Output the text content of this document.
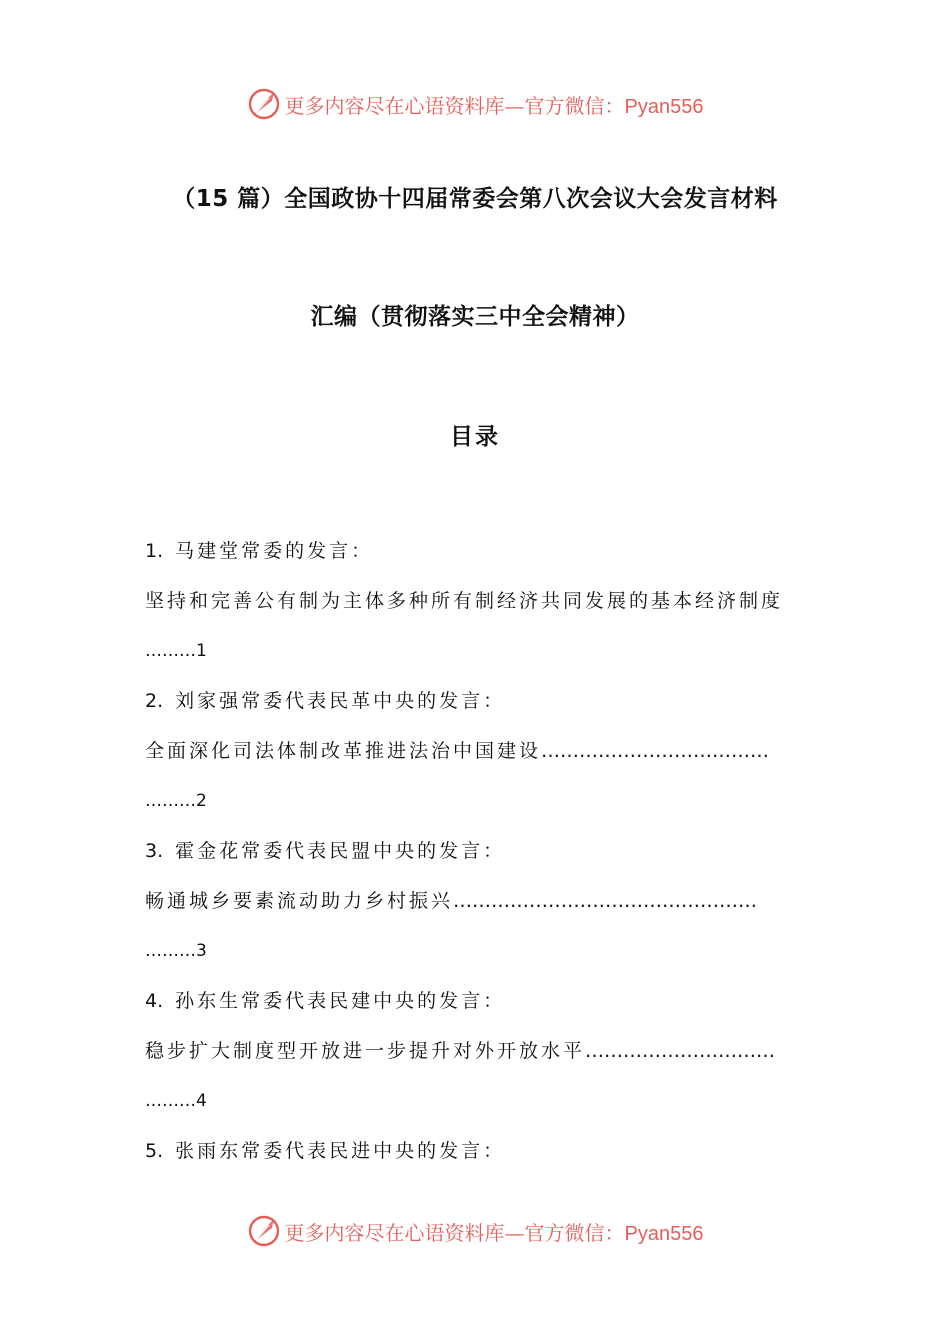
更多内容尽在心语资料库—官方微信：Pyan556
（15 篇）全国政协十四届常委会第八次会议大会发言材料
汇编（贯彻落实三中全会精神）
目录
1. 马建堂常委的发言：
坚持和完善公有制为主体多种所有制经济共同发展的基本经济制度
………1
2. 刘家强常委代表民革中央的发言：
全面深化司法体制改革推进法治中国建设………………………………
………2
3. 霍金花常委代表民盟中央的发言：
畅通城乡要素流动助力乡村振兴…………………………………………
………3
4. 孙东生常委代表民建中央的发言：
稳步扩大制度型开放进一步提升对外开放水平…………………………
………4
5. 张雨东常委代表民进中央的发言：
更多内容尽在心语资料库—官方微信：Pyan556
